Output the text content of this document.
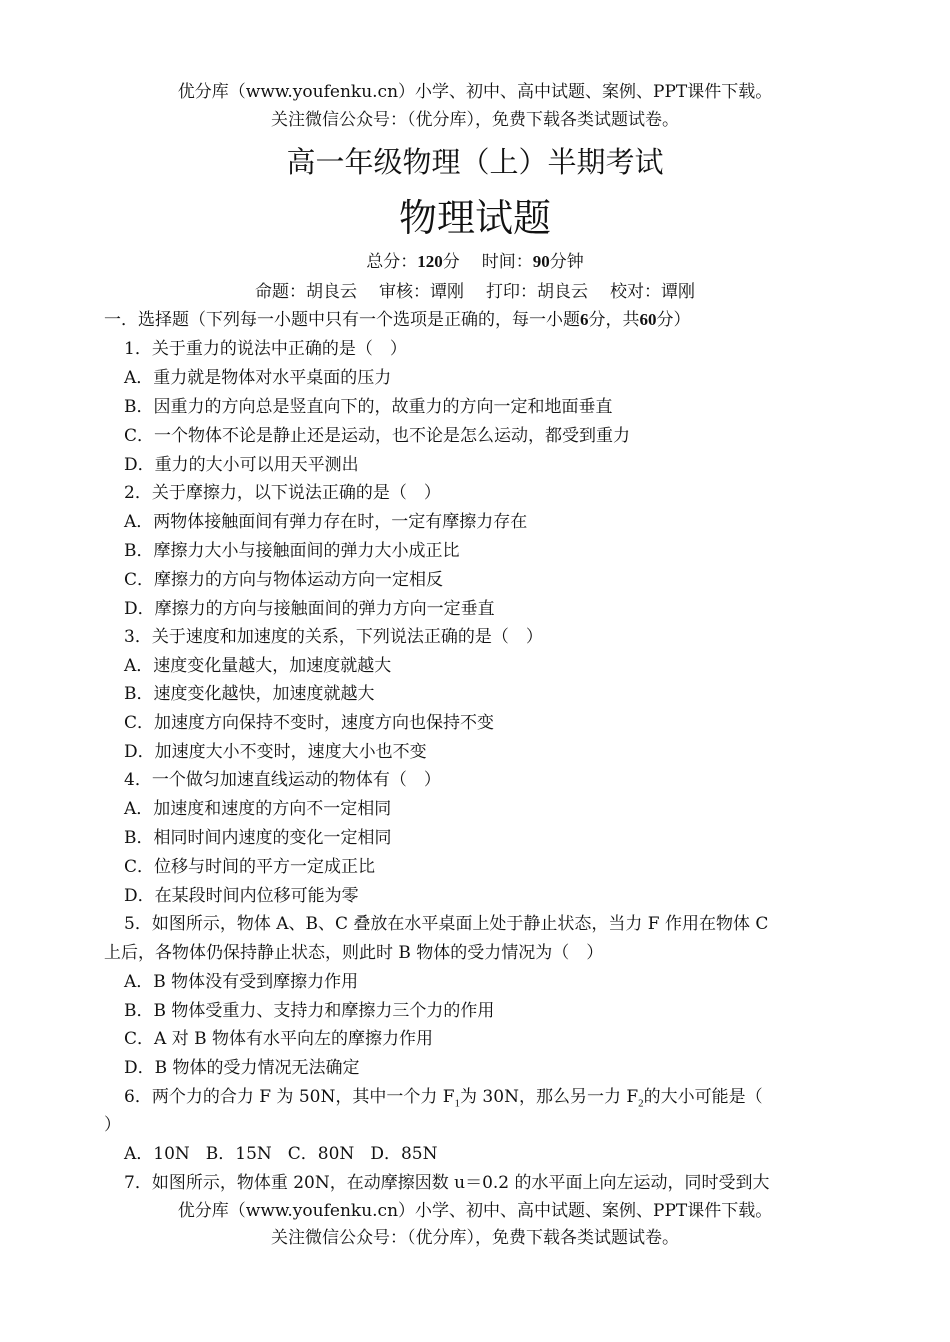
优分库（www.youfenku.cn）小学、初中、高中试题、案例、PPT课件下载。
关注微信公众号：（优分库），免费下载各类试题试卷。
高一年级物理（上）半期考试
物理试题
总分：120分 时间：90分钟
命题：胡良云 审核：谭刚 打印：胡良云 校对：谭刚
一．选择题（下列每一小题中只有一个选项是正确的，每一小题6分，共60分）
1．关于重力的说法中正确的是（　）
A．重力就是物体对水平桌面的压力
B．因重力的方向总是竖直向下的，故重力的方向一定和地面垂直
C．一个物体不论是静止还是运动，也不论是怎么运动，都受到重力
D．重力的大小可以用天平测出
2．关于摩擦力，以下说法正确的是（　）
A．两物体接触面间有弹力存在时，一定有摩擦力存在
B．摩擦力大小与接触面间的弹力大小成正比
C．摩擦力的方向与物体运动方向一定相反
D．摩擦力的方向与接触面间的弹力方向一定垂直
3．关于速度和加速度的关系，下列说法正确的是（　）
A．速度变化量越大，加速度就越大
B．速度变化越快，加速度就越大
C．加速度方向保持不变时，速度方向也保持不变
D．加速度大小不变时，速度大小也不变
4．一个做匀加速直线运动的物体有（　）
A．加速度和速度的方向不一定相同
B．相同时间内速度的变化一定相同
C．位移与时间的平方一定成正比
D．在某段时间内位移可能为零
5．如图所示，物体 A、B、C 叠放在水平桌面上处于静止状态，当力 F 作用在物体 C
上后，各物体仍保持静止状态，则此时 B 物体的受力情况为（　）
A．B 物体没有受到摩擦力作用
B．B 物体受重力、支持力和摩擦力三个力的作用
C．A 对 B 物体有水平向左的摩擦力作用
D．B 物体的受力情况无法确定
6．两个力的合力 F 为 50N，其中一个力 $F_1$为 30N，那么另一力 $F_2$的大小可能是（
）
A．10N B．15N C．80N D．85N
7．如图所示，物体重 20N，在动摩擦因数 u＝0.2 的水平面上向左运动，同时受到大
优分库（www.youfenku.cn）小学、初中、高中试题、案例、PPT课件下载。
关注微信公众号：（优分库），免费下载各类试题试卷。
